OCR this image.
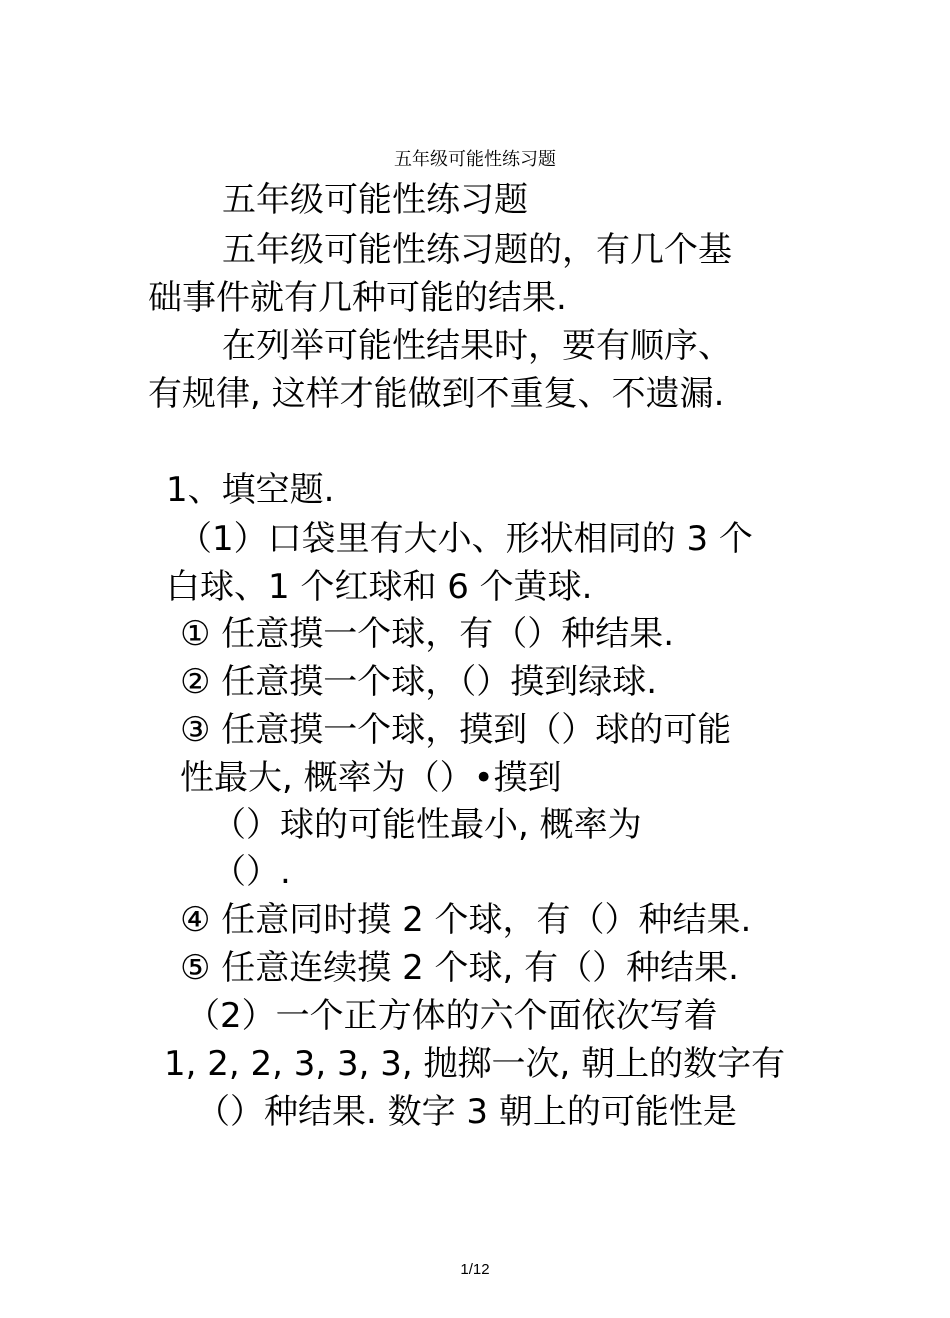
五年级可能性练习题
五年级可能性练习题
五年级可能性练习题的，有几个基
础事件就有几种可能的结果.
在列举可能性结果时，要有顺序、
有规律, 这样才能做到不重复、不遗漏.
1、填空题.
（1）口袋里有大小、形状相同的 3 个
白球、1 个红球和 6 个黄球.
① 任意摸一个球，有（）种结果.
② 任意摸一个球，（）摸到绿球.
③ 任意摸一个球，摸到（）球的可能
性最大, 概率为（）•摸到
（）球的可能性最小, 概率为
（）.
④ 任意同时摸 2 个球，有（）种结果.
⑤ 任意连续摸 2 个球, 有（）种结果.
（2）一个正方体的六个面依次写着
1, 2, 2, 3, 3, 3, 抛掷一次, 朝上的数字有
（）种结果. 数字 3 朝上的可能性是
1/12
